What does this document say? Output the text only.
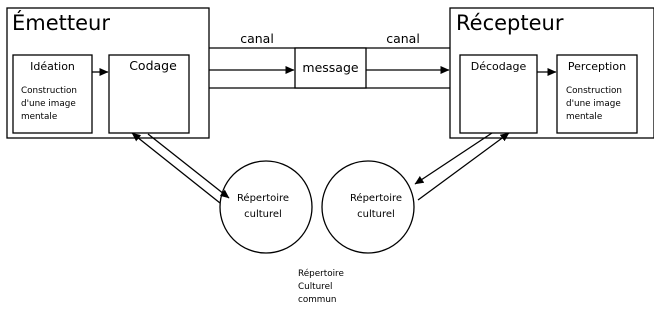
Émetteur
Idéation
Construction
d'une image
mentale
Codage
Récepteur
Décodage	Perception
Construction
d'une image
mentale
canal	canal
message
Répertoire
culturel
Répertoire
culturel
Répertoire
Culturel
commun
